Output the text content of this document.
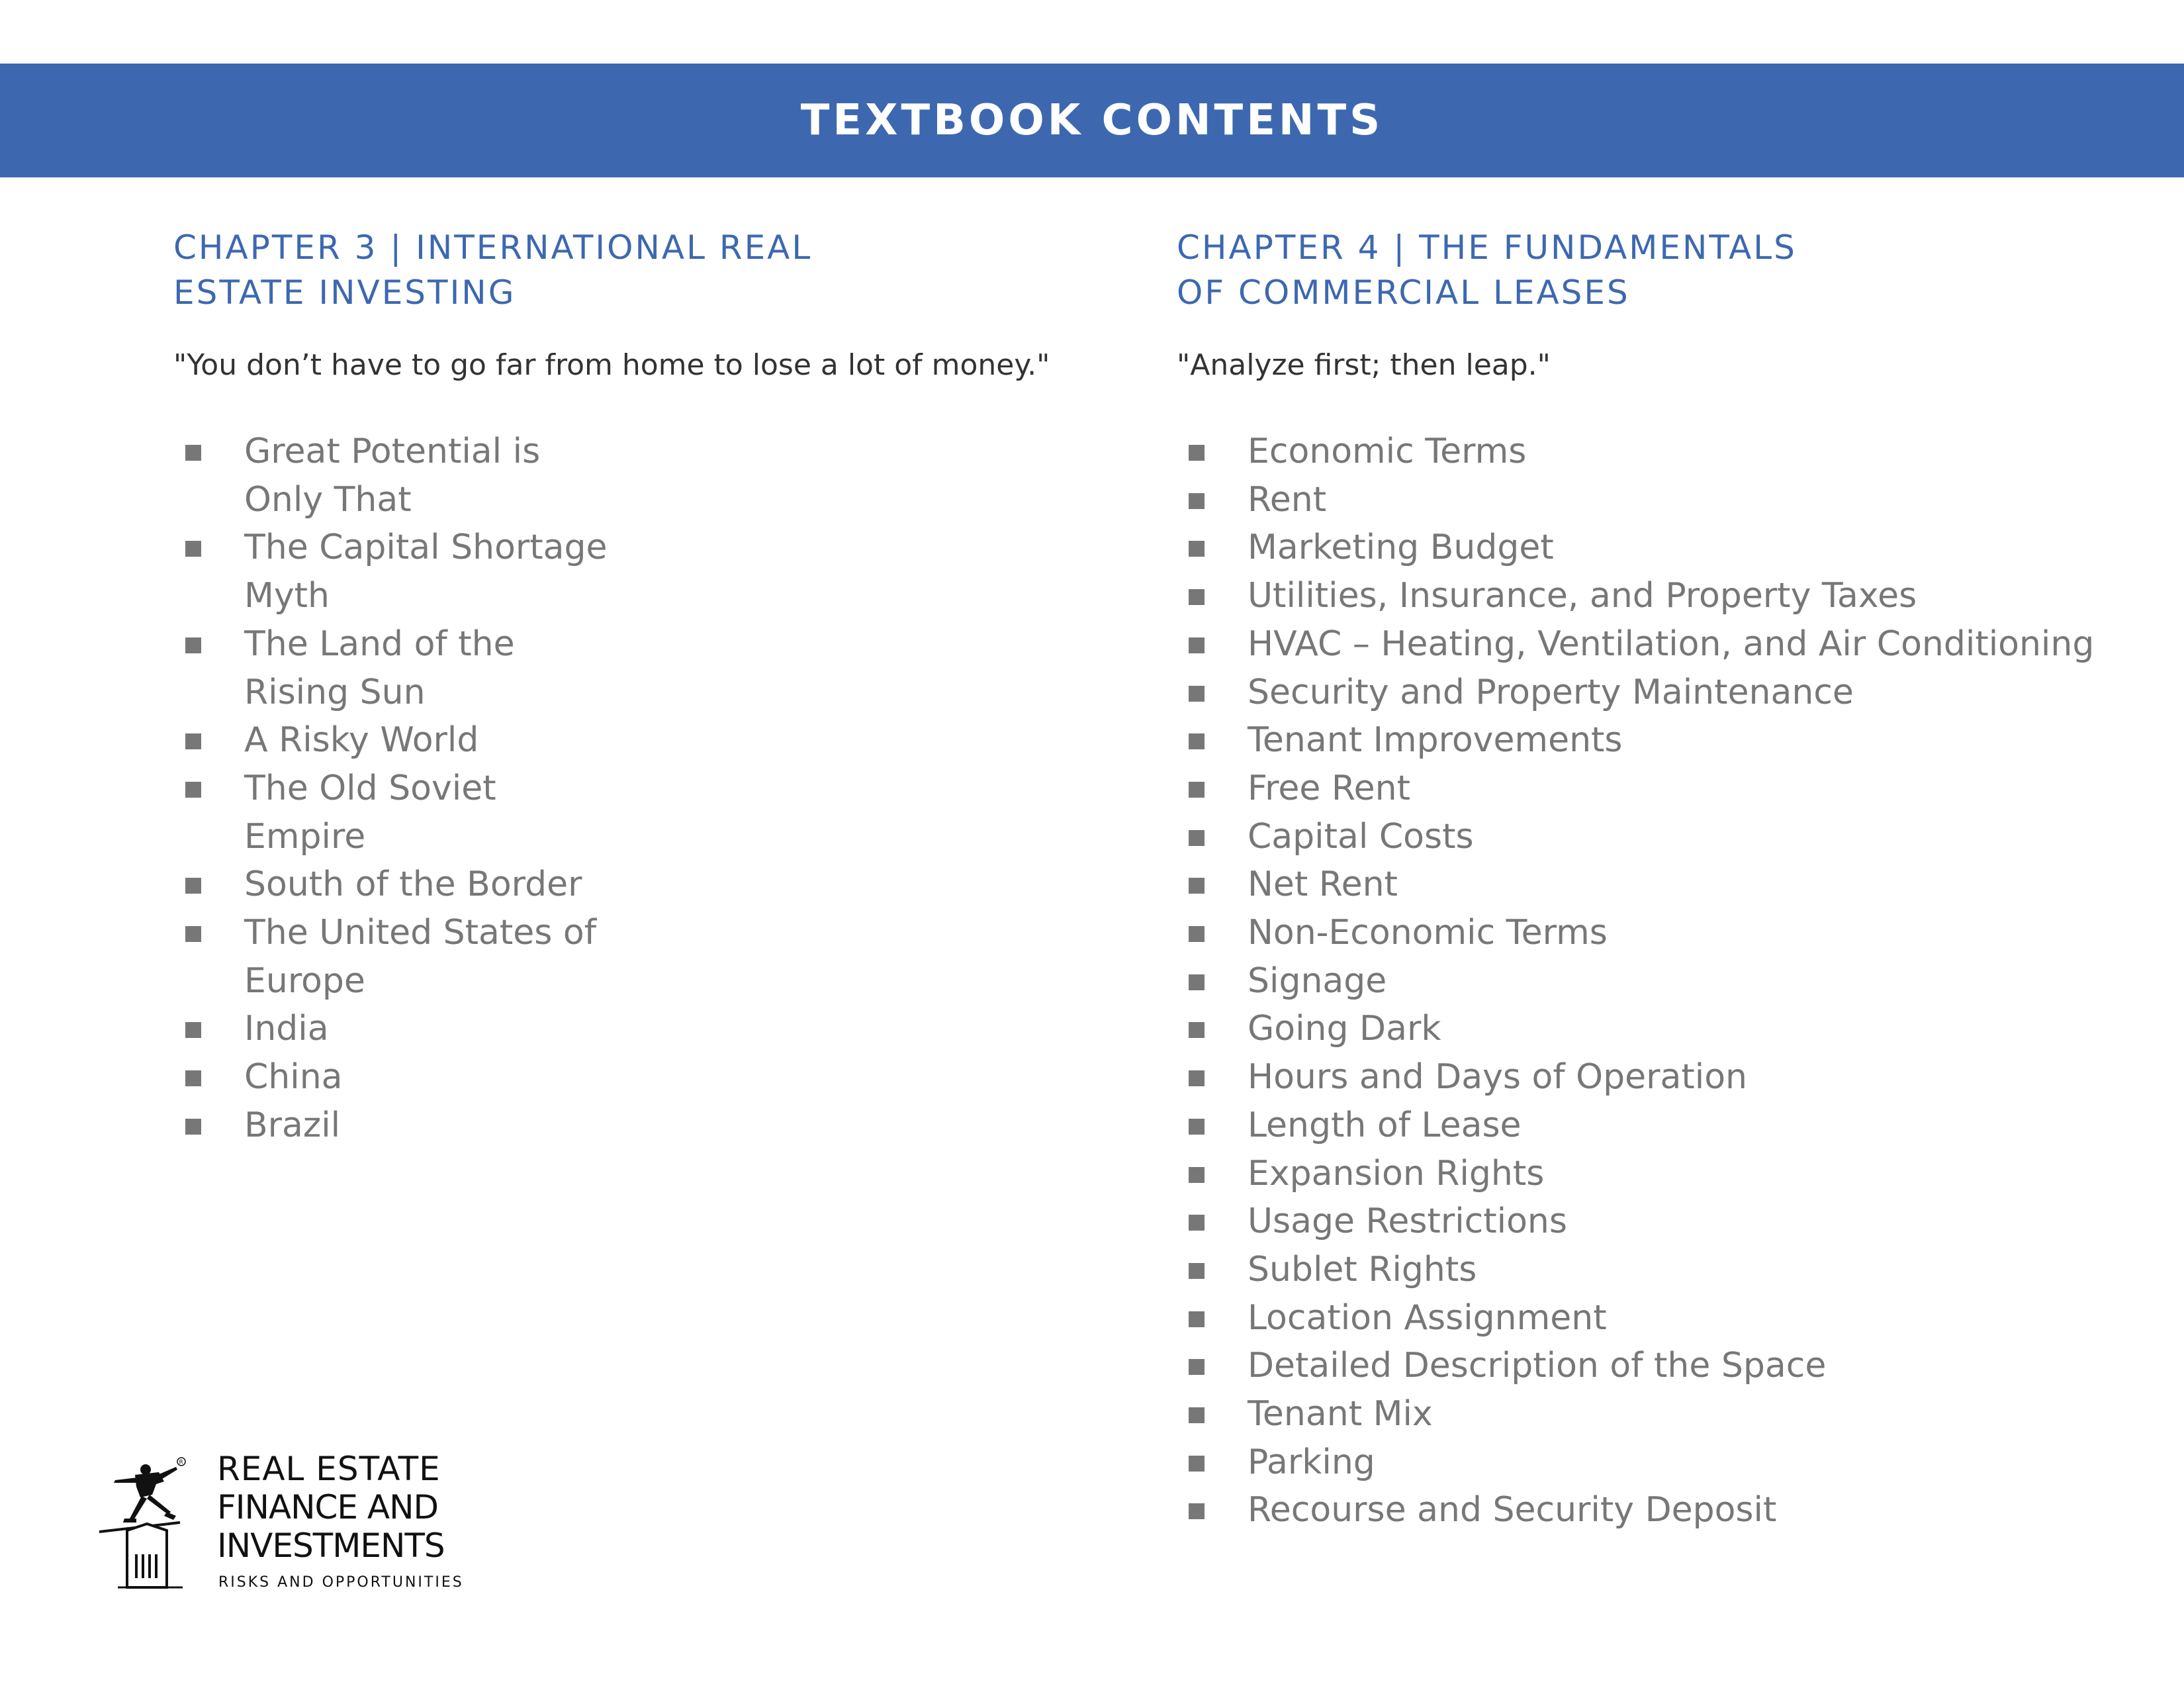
TEXTBOOK CONTENTS
CHAPTER 3 | INTERNATIONAL REAL
ESTATE INVESTING

"You don’t have to go far from home to lose a lot of money."

Great Potential is Only That
The Capital Shortage Myth
The Land of the Rising Sun
A Risky World
The Old Soviet Empire
South of the Border
The United States of Europe
India
China
Brazil
CHAPTER 4 | THE FUNDAMENTALS
OF COMMERCIAL LEASES

"Analyze first; then leap."

Economic Terms
Rent
Marketing Budget
Utilities, Insurance, and Property Taxes
HVAC – Heating, Ventilation, and Air Conditioning
Security and Property Maintenance
Tenant Improvements
Free Rent
Capital Costs
Net Rent
Non-Economic Terms
Signage
Going Dark
Hours and Days of Operation
Length of Lease
Expansion Rights
Usage Restrictions
Sublet Rights
Location Assignment
Detailed Description of the Space
Tenant Mix
Parking
Recourse and Security Deposit
R REAL ESTATE
FINANCE AND
INVESTMENTS
RISKS AND OPPORTUNITIES
